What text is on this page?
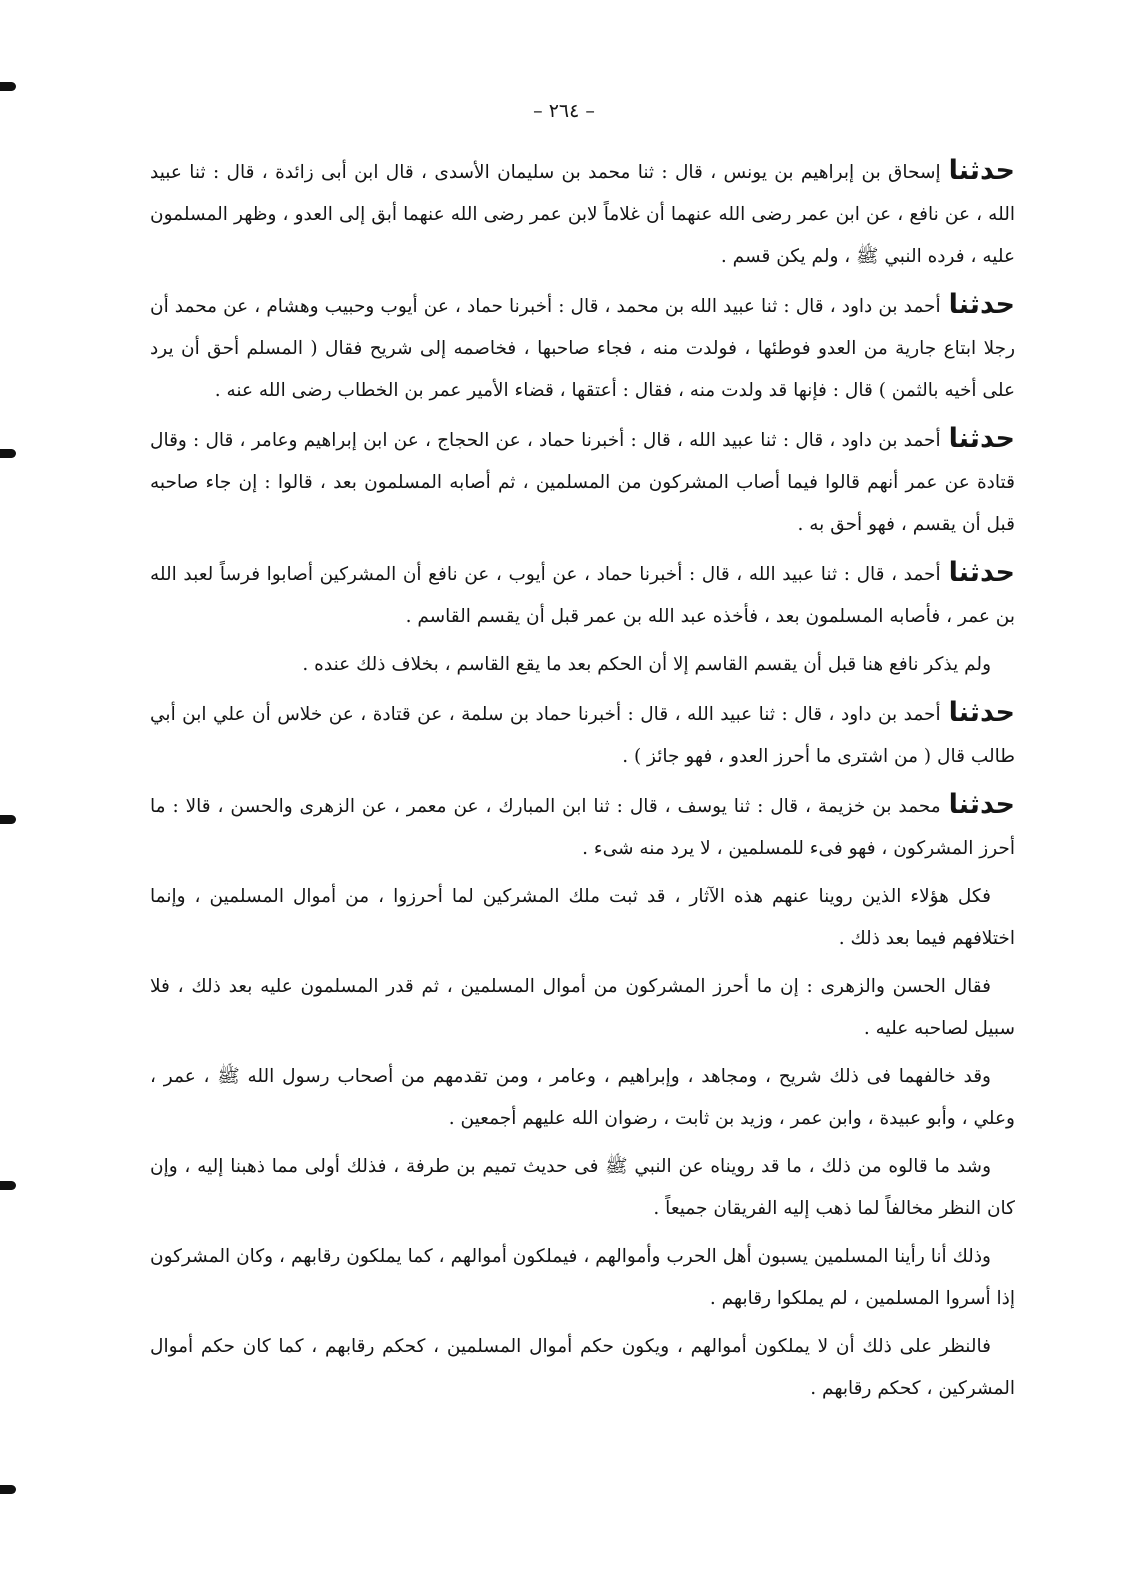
– ٢٦٤ –

حدثناإسحاق بن إبراهيم بن يونس ، قال : ثنا محمد بن سليمان الأسدى ، قال ابن أبى زائدة ، قال : ثنا عبيد الله ، عن نافع ، عن ابن عمر رضى الله عنهما أن غلاماً لابن عمر رضى الله عنهما أبق إلى العدو ، وظهر المسلمون عليه ، فرده النبي ﷺ ، ولم يكن قسم .

حدثناأحمد بن داود ، قال : ثنا عبيد الله بن محمد ، قال : أخبرنا حماد ، عن أيوب وحبيب وهشام ، عن محمد أن رجلا ابتاع جارية من العدو فوطئها ، فولدت منه ، فجاء صاحبها ، فخاصمه إلى شريح فقال ( المسلم أحق أن يرد على أخيه بالثمن ) قال : فإنها قد ولدت منه ، فقال : أعتقها ، قضاء الأمير عمر بن الخطاب رضى الله عنه .

حدثناأحمد بن داود ، قال : ثنا عبيد الله ، قال : أخبرنا حماد ، عن الحجاج ، عن ابن إبراهيم وعامر ، قال : وقال قتادة عن عمر أنهم قالوا فيما أصاب المشركون من المسلمين ، ثم أصابه المسلمون بعد ، قالوا : إن جاء صاحبه قبل أن يقسم ، فهو أحق به .

حدثناأحمد ، قال : ثنا عبيد الله ، قال : أخبرنا حماد ، عن أيوب ، عن نافع أن المشركين أصابوا فرساً لعبد الله بن عمر ، فأصابه المسلمون بعد ، فأخذه عبد الله بن عمر قبل أن يقسم القاسم .

ولم يذكر نافع هنا قبل أن يقسم القاسم إلا أن الحكم بعد ما يقع القاسم ، بخلاف ذلك عنده .

حدثناأحمد بن داود ، قال : ثنا عبيد الله ، قال : أخبرنا حماد بن سلمة ، عن قتادة ، عن خلاس أن علي ابن أبي طالب قال ( من اشترى ما أحرز العدو ، فهو جائز ) .

حدثنامحمد بن خزيمة ، قال : ثنا يوسف ، قال : ثنا ابن المبارك ، عن معمر ، عن الزهرى والحسن ، قالا : ما أحرز المشركون ، فهو فىء للمسلمين ، لا يرد منه شىء .

فكل هؤلاء الذين روينا عنهم هذه الآثار ، قد ثبت ملك المشركين لما أحرزوا ، من أموال المسلمين ، وإنما اختلافهم فيما بعد ذلك .

فقال الحسن والزهرى : إن ما أحرز المشركون من أموال المسلمين ، ثم قدر المسلمون عليه بعد ذلك ، فلا سبيل لصاحبه عليه .

وقد خالفهما فى ذلك شريح ، ومجاهد ، وإبراهيم ، وعامر ، ومن تقدمهم من أصحاب رسول الله ﷺ ، عمر ، وعلي ، وأبو عبيدة ، وابن عمر ، وزيد بن ثابت ، رضوان الله عليهم أجمعين .

وشد ما قالوه من ذلك ، ما قد رويناه عن النبي ﷺ فى حديث تميم بن طرفة ، فذلك أولى مما ذهبنا إليه ، وإن كان النظر مخالفاً لما ذهب إليه الفريقان جميعاً .

وذلك أنا رأينا المسلمين يسبون أهل الحرب وأموالهم ، فيملكون أموالهم ، كما يملكون رقابهم ، وكان المشركون إذا أسروا المسلمين ، لم يملكوا رقابهم .

فالنظر على ذلك أن لا يملكون أموالهم ، ويكون حكم أموال المسلمين ، كحكم رقابهم ، كما كان حكم أموال المشركين ، كحكم رقابهم .
